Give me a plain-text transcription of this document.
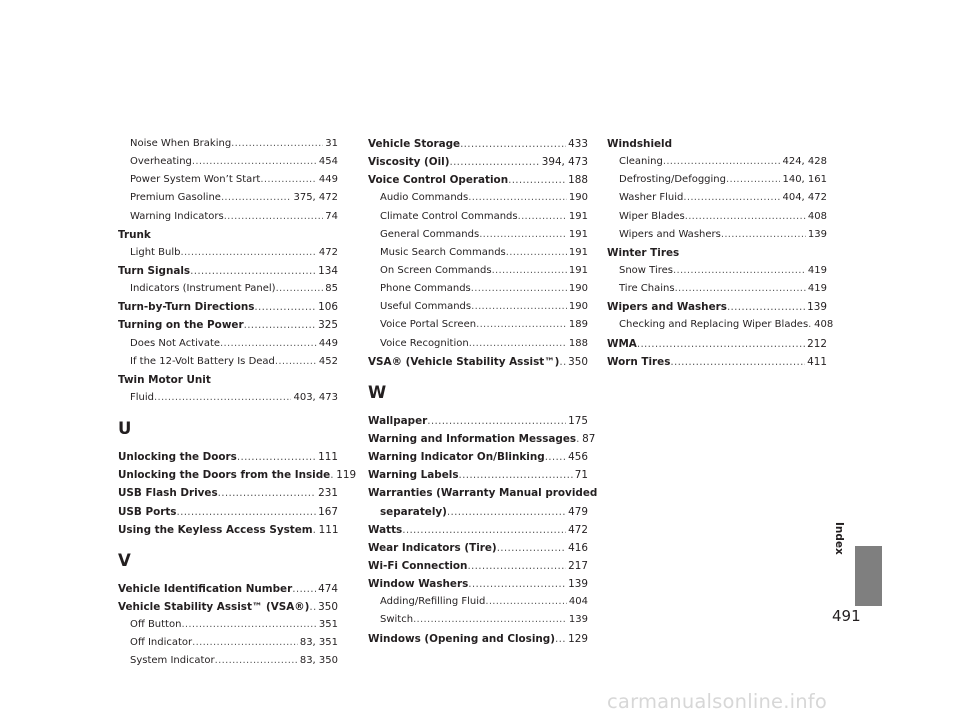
Noise When Braking .....	31
Overheating .....	454
Power System Won’t Start .....	449
Premium Gasoline .....	375, 472
Warning Indicators .....	74
Trunk
Light Bulb .....	472
Turn Signals .....	134
Indicators (Instrument Panel) .....	85
Turn-by-Turn Directions .....	106
Turning on the Power .....	325
Does Not Activate .....	449
If the 12-Volt Battery Is Dead .....	452
Twin Motor Unit
Fluid .....	403, 473
U
Unlocking the Doors .....	111
Unlocking the Doors from the Inside ..... 119
USB Flash Drives .....	231
USB Ports .....	167
Using the Keyless Access System ..... 111
V
Vehicle Identification Number ..... 474
Vehicle Stability Assist™ (VSA®) ..... 350
Off Button .....	351
Off Indicator .....	83, 351
System Indicator .....	83, 350
Vehicle Storage .....	433
Viscosity (Oil) .....	394, 473
Voice Control Operation .....	188
Audio Commands .....	190
Climate Control Commands .....	191
General Commands .....	191
Music Search Commands .....	191
On Screen Commands .....	191
Phone Commands .....	190
Useful Commands .....	190
Voice Portal Screen .....	189
Voice Recognition .....	188
VSA® (Vehicle Stability Assist™) ..... 350
W
Wallpaper .....	175
Warning and Information Messages ..... 87
Warning Indicator On/Blinking ..... 456
Warning Labels .....	71
Warranties (Warranty Manual provided
separately) .....	479
Watts .....	472
Wear Indicators (Tire) .....	416
Wi-Fi Connection .....	217
Window Washers .....	139
Adding/Refilling Fluid .....	404
Switch .....	139
Windows (Opening and Closing) ..... 129
Windshield
Cleaning .....	424, 428
Defrosting/Defogging .....	140, 161
Washer Fluid .....	404, 472
Wiper Blades .....	408
Wipers and Washers .....	139
Winter Tires
Snow Tires .....	419
Tire Chains .....	419
Wipers and Washers .....	139
Checking and Replacing Wiper Blades ..... 408
WMA .....	212
Worn Tires .....	411
Index
491
carmanualsonline.info
